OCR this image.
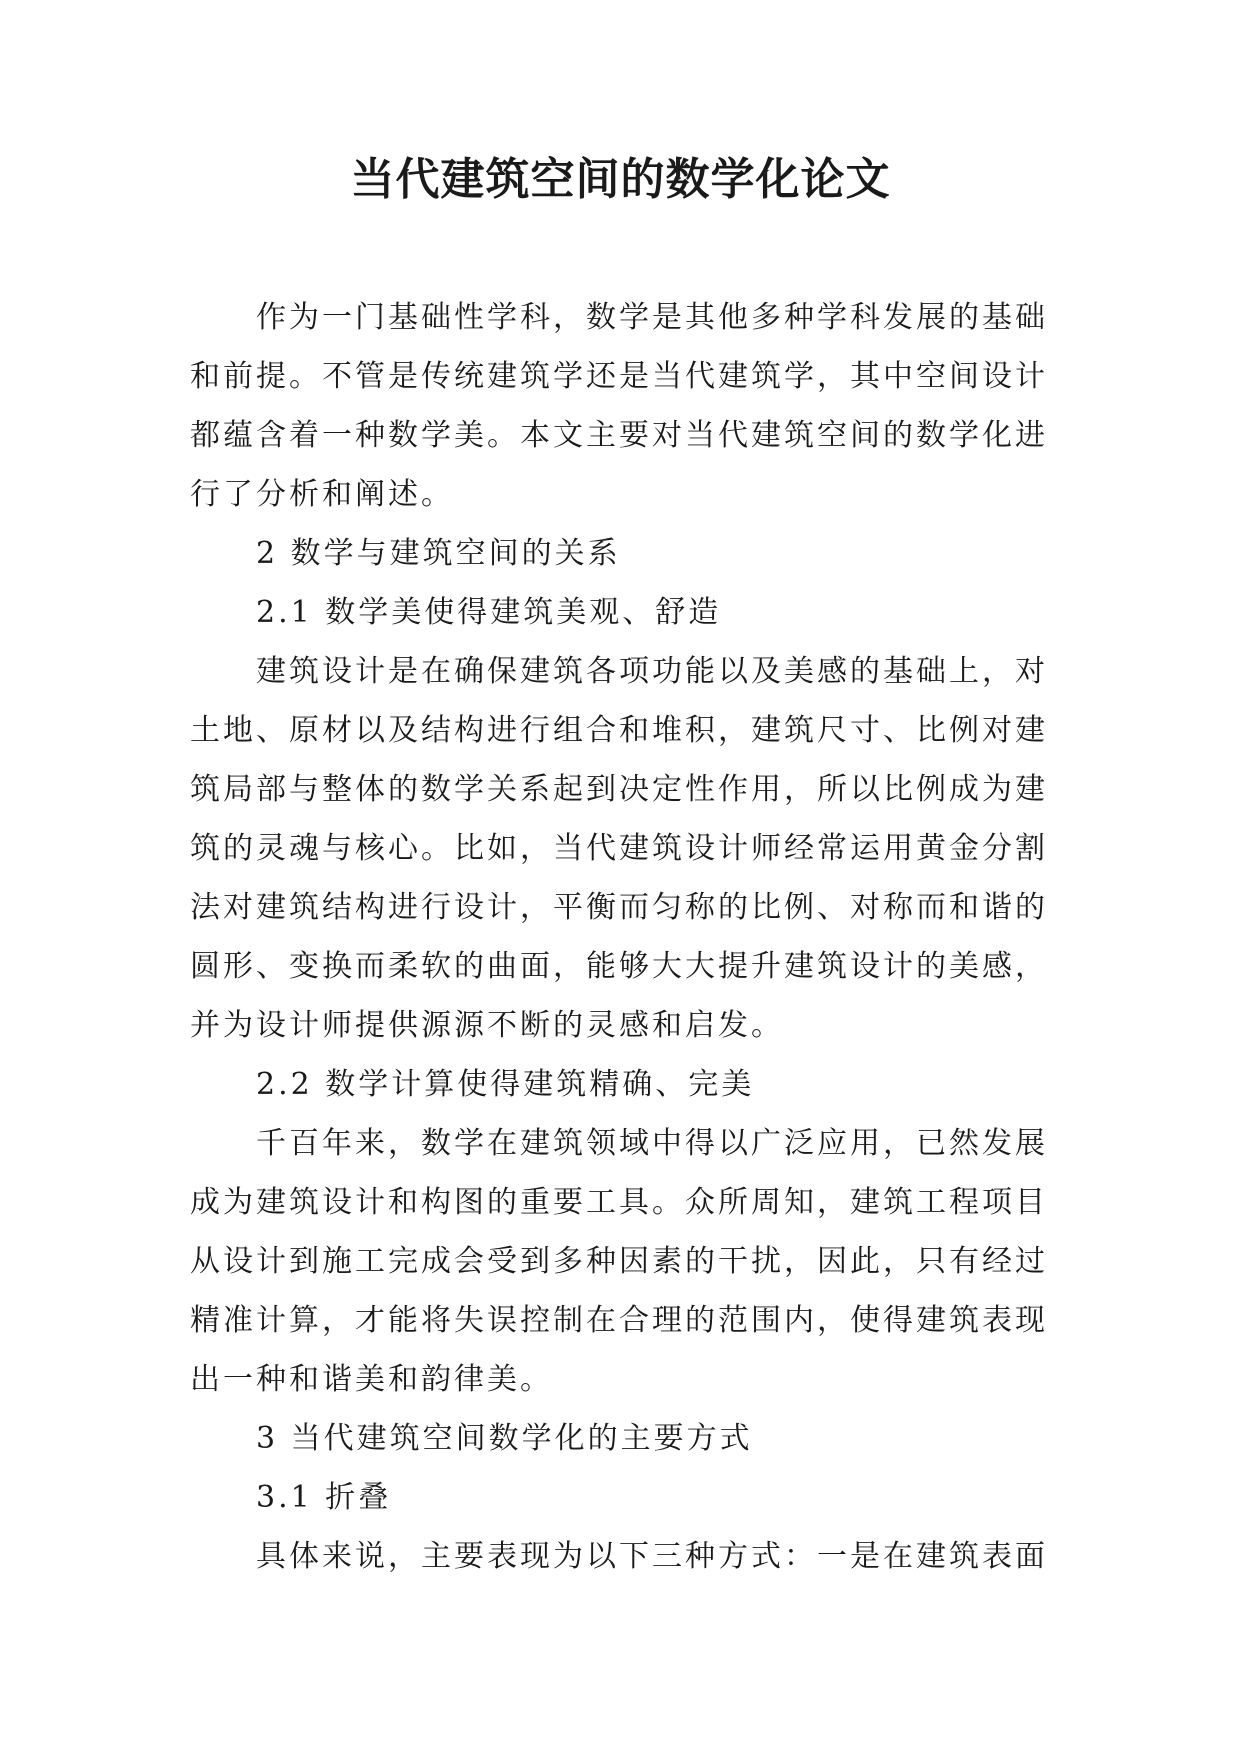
当代建筑空间的数学化论文

作为一门基础性学科，数学是其他多种学科发展的基础和前提。不管是传统建筑学还是当代建筑学，其中空间设计都蕴含着一种数学美。本文主要对当代建筑空间的数学化进行了分析和阐述。

2 数学与建筑空间的关系

2.1 数学美使得建筑美观、舒造

建筑设计是在确保建筑各项功能以及美感的基础上，对土地、原材以及结构进行组合和堆积，建筑尺寸、比例对建筑局部与整体的数学关系起到决定性作用，所以比例成为建筑的灵魂与核心。比如，当代建筑设计师经常运用黄金分割法对建筑结构进行设计，平衡而匀称的比例、对称而和谐的圆形、变换而柔软的曲面，能够大大提升建筑设计的美感，并为设计师提供源源不断的灵感和启发。

2.2 数学计算使得建筑精确、完美

千百年来，数学在建筑领域中得以广泛应用，已然发展成为建筑设计和构图的重要工具。众所周知，建筑工程项目从设计到施工完成会受到多种因素的干扰，因此，只有经过精准计算，才能将失误控制在合理的范围内，使得建筑表现出一种和谐美和韵律美。

3 当代建筑空间数学化的主要方式

3.1 折叠

具体来说，主要表现为以下三种方式：一是在建筑表面
